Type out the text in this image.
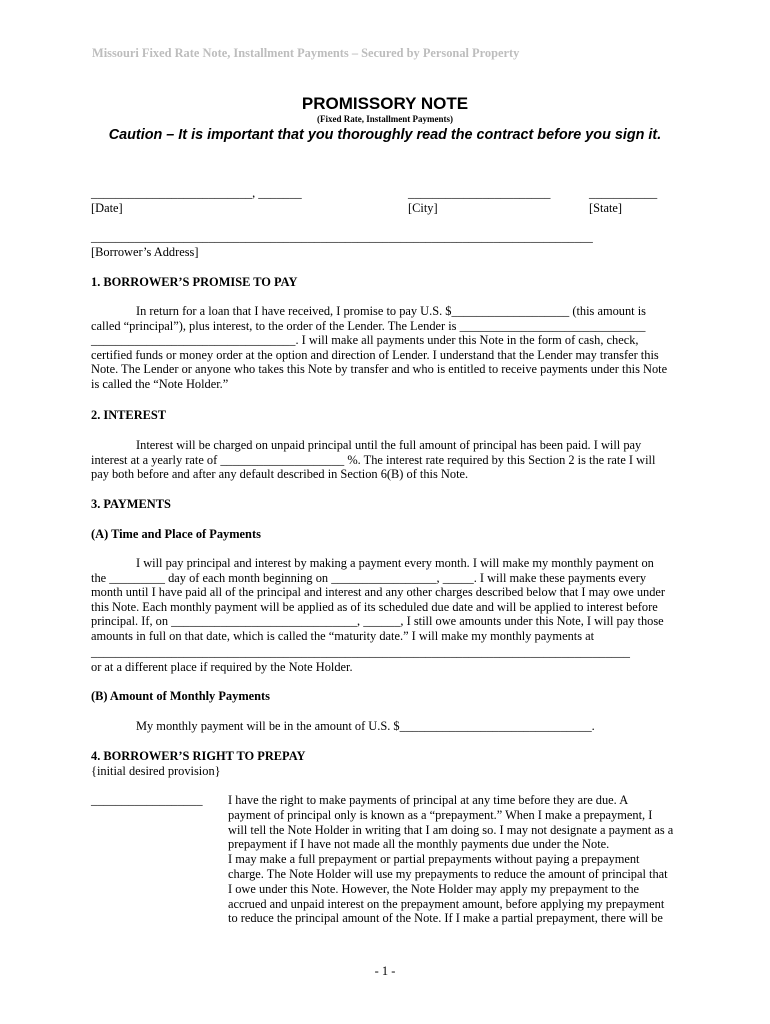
Missouri Fixed Rate Note, Installment Payments – Secured by Personal Property
PROMISSORY NOTE
(Fixed Rate, Installment Payments)
Caution – It is important that you thoroughly read the contract before you sign it.
__________________________, _______	_______________________	___________
[Date]	[City]	[State]
_________________________________________________________________________________
[Borrower’s Address]
1. BORROWER’S PROMISE TO PAY
In return for a loan that I have received, I promise to pay U.S. $___________________ (this amount is
called “principal”), plus interest, to the order of the Lender. The Lender is ______________________________
_________________________________. I will make all payments under this Note in the form of cash, check,
certified funds or money order at the option and direction of Lender. I understand that the Lender may transfer this
Note. The Lender or anyone who takes this Note by transfer and who is entitled to receive payments under this Note
is called the “Note Holder.”
2. INTEREST
Interest will be charged on unpaid principal until the full amount of principal has been paid. I will pay
interest at a yearly rate of ____________________ %. The interest rate required by this Section 2 is the rate I will
pay both before and after any default described in Section 6(B) of this Note.
3. PAYMENTS
(A) Time and Place of Payments
I will pay principal and interest by making a payment every month. I will make my monthly payment on
the _________ day of each month beginning on _________________, _____. I will make these payments every
month until I have paid all of the principal and interest and any other charges described below that I may owe under
this Note. Each monthly payment will be applied as of its scheduled due date and will be applied to interest before
principal. If, on ______________________________, ______, I still owe amounts under this Note, I will pay those
amounts in full on that date, which is called the “maturity date.” I will make my monthly payments at
_______________________________________________________________________________________
or at a different place if required by the Note Holder.
(B) Amount of Monthly Payments
My monthly payment will be in the amount of U.S. $_______________________________.
4. BORROWER’S RIGHT TO PREPAY
{initial desired provision}
__________________ I have the right to make payments of principal at any time before they are due. A
payment of principal only is known as a “prepayment.” When I make a prepayment, I
will tell the Note Holder in writing that I am doing so. I may not designate a payment as a
prepayment if I have not made all the monthly payments due under the Note.
I may make a full prepayment or partial prepayments without paying a prepayment
charge. The Note Holder will use my prepayments to reduce the amount of principal that
I owe under this Note. However, the Note Holder may apply my prepayment to the
accrued and unpaid interest on the prepayment amount, before applying my prepayment
to reduce the principal amount of the Note. If I make a partial prepayment, there will be
- 1 -
